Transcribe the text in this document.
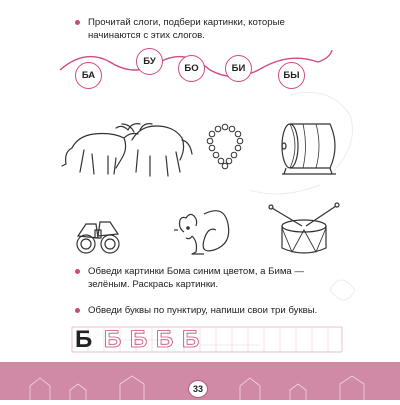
Прочитай слоги, подбери картинки, которые начинаются с этих слогов.
БА
БУ
БО	БИ
БЫ
Обведи картинки Бома синим цветом, а Бима — зелёным. Раскрась картинки.
Обведи буквы по пунктиру, напиши свои три буквы.
Б Б Б Б Б
33
